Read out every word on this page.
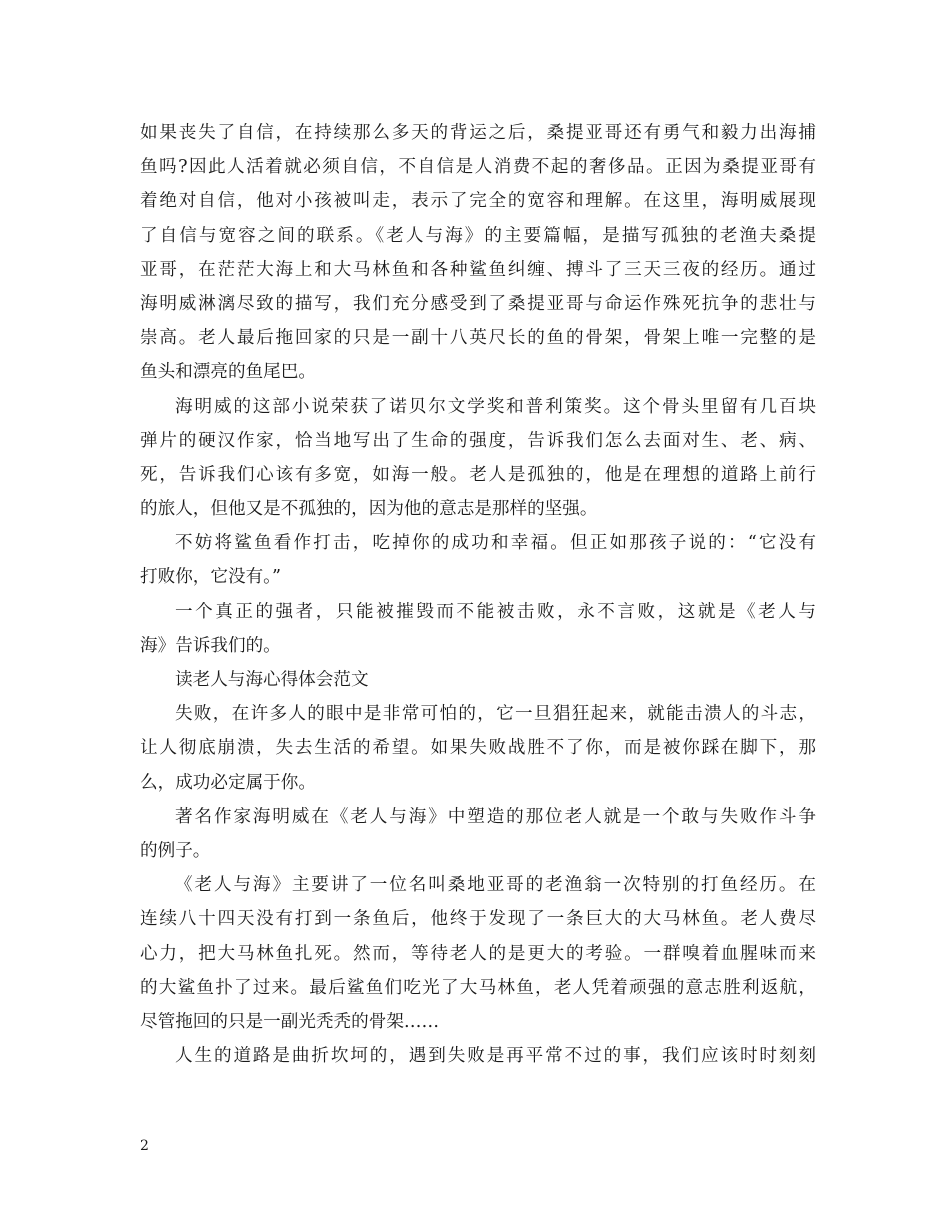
如果丧失了自信，在持续那么多天的背运之后，桑提亚哥还有勇气和毅力出海捕
鱼吗?因此人活着就必须自信，不自信是人消费不起的奢侈品。正因为桑提亚哥有
着绝对自信，他对小孩被叫走，表示了完全的宽容和理解。在这里，海明威展现
了自信与宽容之间的联系。《老人与海》的主要篇幅，是描写孤独的老渔夫桑提
亚哥，在茫茫大海上和大马林鱼和各种鲨鱼纠缠、搏斗了三天三夜的经历。通过
海明威淋漓尽致的描写，我们充分感受到了桑提亚哥与命运作殊死抗争的悲壮与
崇高。老人最后拖回家的只是一副十八英尺长的鱼的骨架，骨架上唯一完整的是
鱼头和漂亮的鱼尾巴。
海明威的这部小说荣获了诺贝尔文学奖和普利策奖。这个骨头里留有几百块
弹片的硬汉作家，恰当地写出了生命的强度，告诉我们怎么去面对生、老、病、
死，告诉我们心该有多宽，如海一般。老人是孤独的，他是在理想的道路上前行
的旅人，但他又是不孤独的，因为他的意志是那样的坚强。
不妨将鲨鱼看作打击，吃掉你的成功和幸福。但正如那孩子说的：“它没有
打败你，它没有。”
一个真正的强者，只能被摧毁而不能被击败，永不言败，这就是《老人与
海》告诉我们的。
读老人与海心得体会范文
失败，在许多人的眼中是非常可怕的，它一旦猖狂起来，就能击溃人的斗志，
让人彻底崩溃，失去生活的希望。如果失败战胜不了你，而是被你踩在脚下，那
么，成功必定属于你。
著名作家海明威在《老人与海》中塑造的那位老人就是一个敢与失败作斗争
的例子。
《老人与海》主要讲了一位名叫桑地亚哥的老渔翁一次特别的打鱼经历。在
连续八十四天没有打到一条鱼后，他终于发现了一条巨大的大马林鱼。老人费尽
心力，把大马林鱼扎死。然而，等待老人的是更大的考验。一群嗅着血腥味而来
的大鲨鱼扑了过来。最后鲨鱼们吃光了大马林鱼，老人凭着顽强的意志胜利返航，
尽管拖回的只是一副光秃秃的骨架……
人生的道路是曲折坎坷的，遇到失败是再平常不过的事，我们应该时时刻刻
2
